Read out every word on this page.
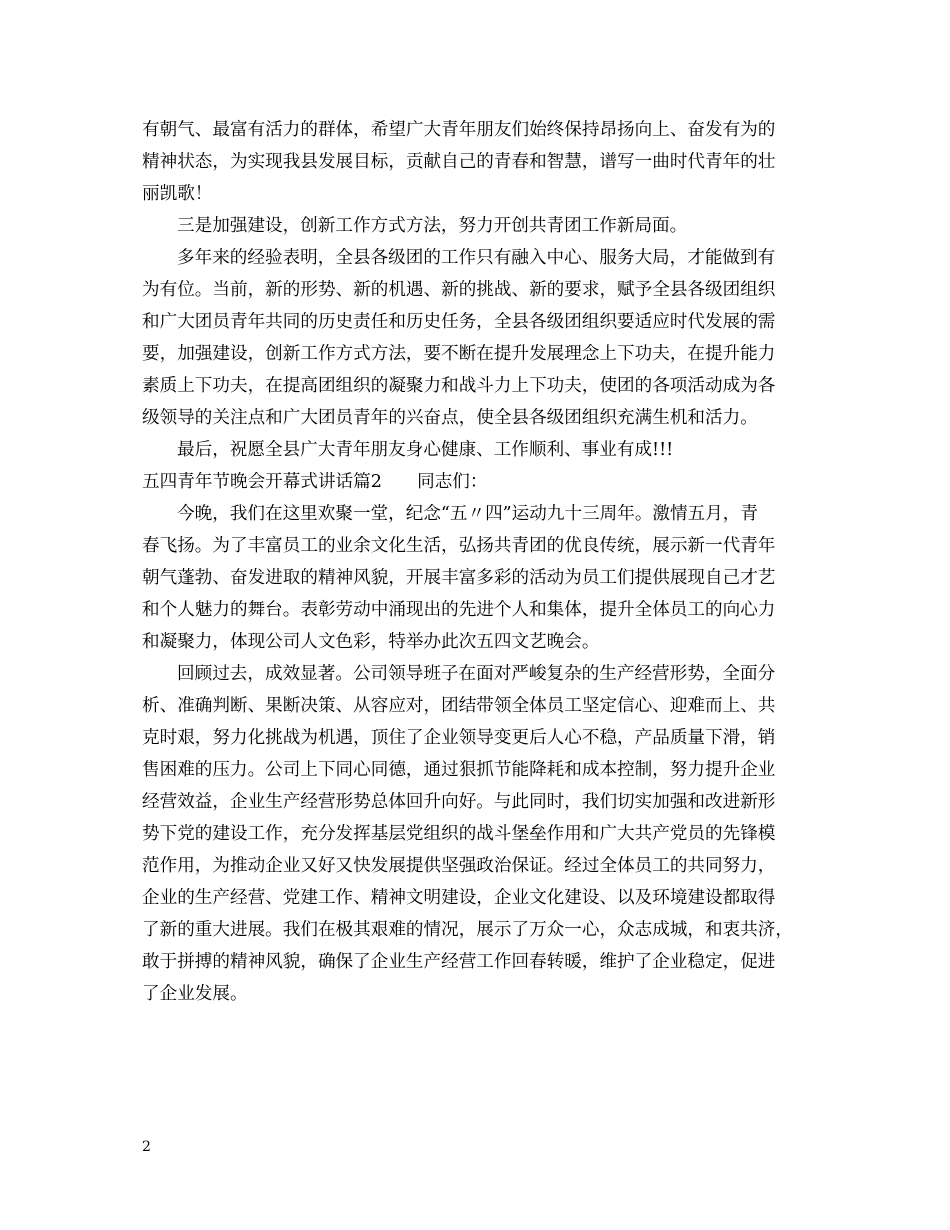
有朝气、最富有活力的群体，希望广大青年朋友们始终保持昂扬向上、奋发有为的
精神状态，为实现我县发展目标，贡献自己的青春和智慧，谱写一曲时代青年的壮
丽凯歌！
三是加强建设，创新工作方式方法，努力开创共青团工作新局面。
多年来的经验表明，全县各级团的工作只有融入中心、服务大局，才能做到有
为有位。当前，新的形势、新的机遇、新的挑战、新的要求，赋予全县各级团组织
和广大团员青年共同的历史责任和历史任务，全县各级团组织要适应时代发展的需
要，加强建设，创新工作方式方法，要不断在提升发展理念上下功夫，在提升能力
素质上下功夫，在提高团组织的凝聚力和战斗力上下功夫，使团的各项活动成为各
级领导的关注点和广大团员青年的兴奋点，使全县各级团组织充满生机和活力。
最后，祝愿全县广大青年朋友身心健康、工作顺利、事业有成!!!
五四青年节晚会开幕式讲话篇2　　同志们：
今晚，我们在这里欢聚一堂，纪念“五〃四”运动九十三周年。激情五月，青
春飞扬。为了丰富员工的业余文化生活，弘扬共青团的优良传统，展示新一代青年
朝气蓬勃、奋发进取的精神风貌，开展丰富多彩的活动为员工们提供展现自己才艺
和个人魅力的舞台。表彰劳动中涌现出的先进个人和集体，提升全体员工的向心力
和凝聚力，体现公司人文色彩，特举办此次五四文艺晚会。
回顾过去，成效显著。公司领导班子在面对严峻复杂的生产经营形势，全面分
析、准确判断、果断决策、从容应对，团结带领全体员工坚定信心、迎难而上、共
克时艰，努力化挑战为机遇，顶住了企业领导变更后人心不稳，产品质量下滑，销
售困难的压力。公司上下同心同德，通过狠抓节能降耗和成本控制，努力提升企业
经营效益，企业生产经营形势总体回升向好。与此同时，我们切实加强和改进新形
势下党的建设工作，充分发挥基层党组织的战斗堡垒作用和广大共产党员的先锋模
范作用，为推动企业又好又快发展提供坚强政治保证。经过全体员工的共同努力，
企业的生产经营、党建工作、精神文明建设，企业文化建设、以及环境建设都取得
了新的重大进展。我们在极其艰难的情况，展示了万众一心，众志成城，和衷共济，
敢于拼搏的精神风貌，确保了企业生产经营工作回春转暖，维护了企业稳定，促进
了企业发展。
2
